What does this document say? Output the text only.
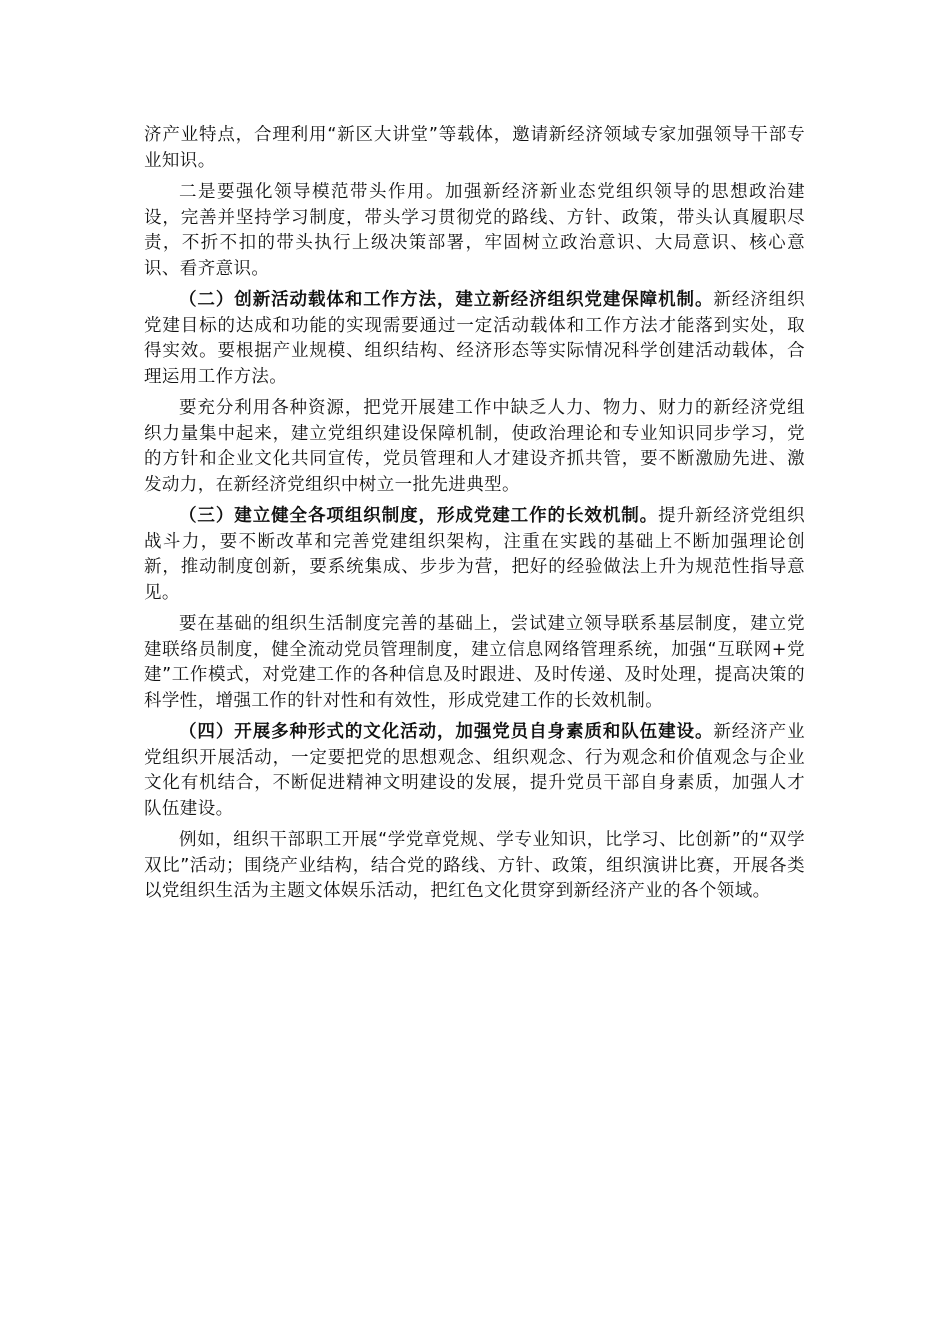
济产业特点，合理利用“新区大讲堂”等载体，邀请新经济领域专家加强领导干部专业知识。

二是要强化领导模范带头作用。加强新经济新业态党组织领导的思想政治建设，完善并坚持学习制度，带头学习贯彻党的路线、方针、政策，带头认真履职尽责，不折不扣的带头执行上级决策部署，牢固树立政治意识、大局意识、核心意识、看齐意识。

（二）创新活动载体和工作方法，建立新经济组织党建保障机制。新经济组织党建目标的达成和功能的实现需要通过一定活动载体和工作方法才能落到实处，取得实效。要根据产业规模、组织结构、经济形态等实际情况科学创建活动载体，合理运用工作方法。

要充分利用各种资源，把党开展建工作中缺乏人力、物力、财力的新经济党组织力量集中起来，建立党组织建设保障机制，使政治理论和专业知识同步学习，党的方针和企业文化共同宣传，党员管理和人才建设齐抓共管，要不断激励先进、激发动力，在新经济党组织中树立一批先进典型。

（三）建立健全各项组织制度，形成党建工作的长效机制。提升新经济党组织战斗力，要不断改革和完善党建组织架构，注重在实践的基础上不断加强理论创新，推动制度创新，要系统集成、步步为营，把好的经验做法上升为规范性指导意见。

要在基础的组织生活制度完善的基础上，尝试建立领导联系基层制度，建立党建联络员制度，健全流动党员管理制度，建立信息网络管理系统，加强“互联网+党建”工作模式，对党建工作的各种信息及时跟进、及时传递、及时处理，提高决策的科学性，增强工作的针对性和有效性，形成党建工作的长效机制。

（四）开展多种形式的文化活动，加强党员自身素质和队伍建设。新经济产业党组织开展活动，一定要把党的思想观念、组织观念、行为观念和价值观念与企业文化有机结合，不断促进精神文明建设的发展，提升党员干部自身素质，加强人才队伍建设。

例如，组织干部职工开展“学党章党规、学专业知识，比学习、比创新”的“双学双比”活动；围绕产业结构，结合党的路线、方针、政策，组织演讲比赛，开展各类以党组织生活为主题文体娱乐活动，把红色文化贯穿到新经济产业的各个领域。
